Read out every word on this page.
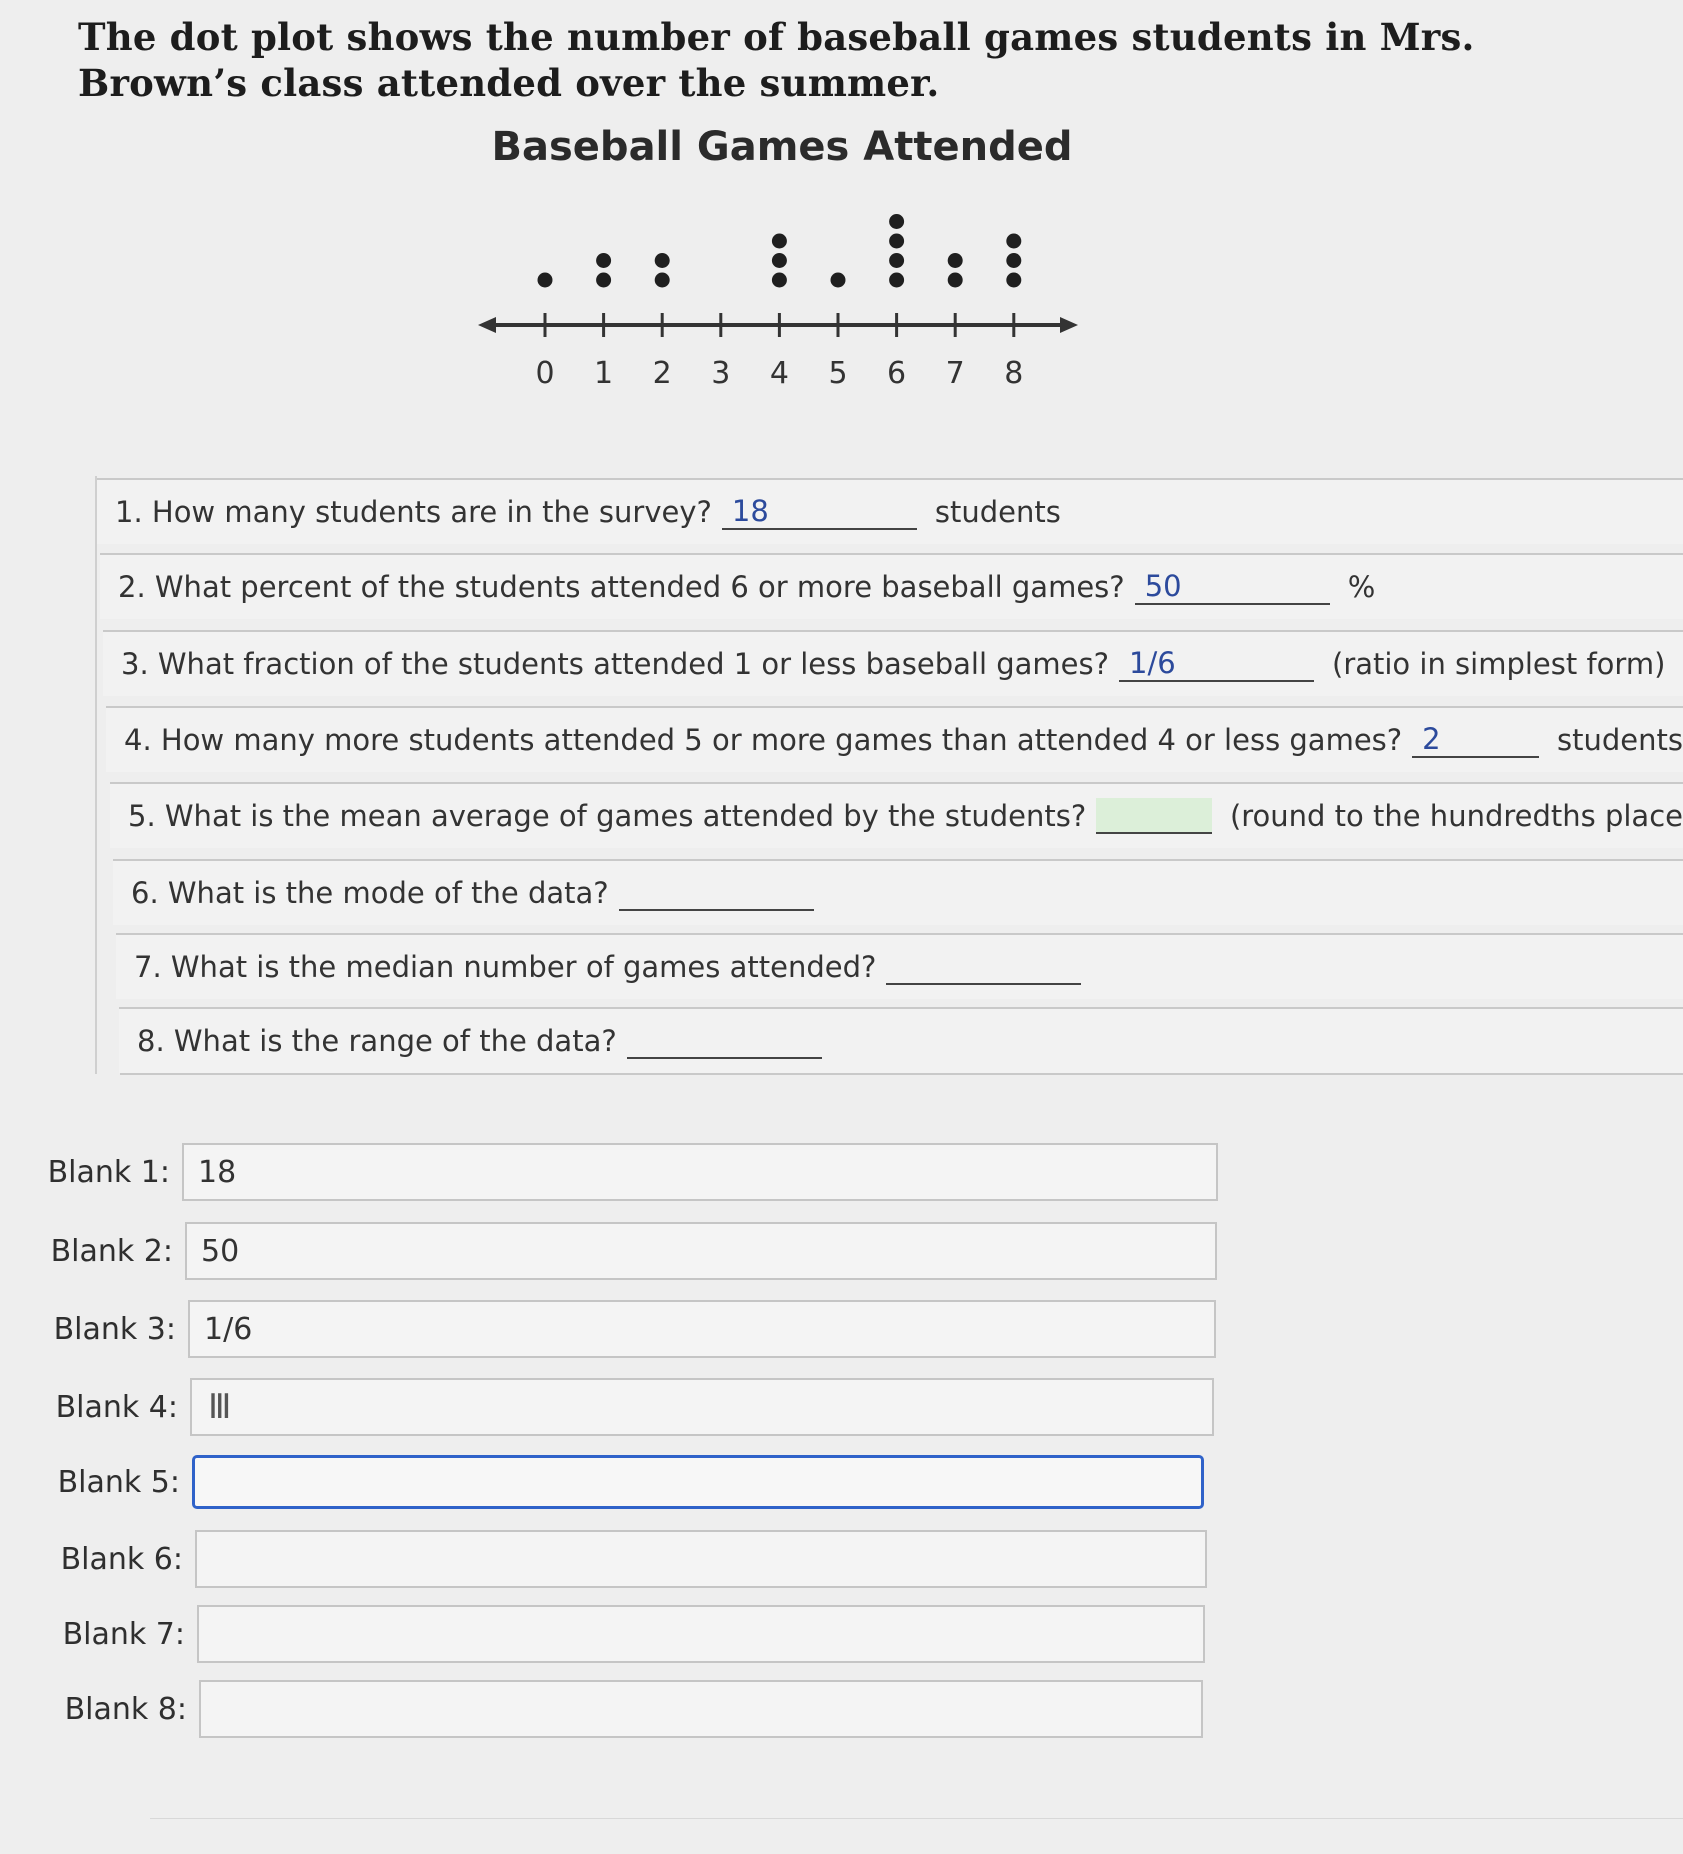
The dot plot shows the number of baseball games students in Mrs. Brown’s class attended over the summer.
Baseball Games Attended
0 1 2 3 4 5 6 7 8
1. How many students are in the survey? 18	students
2. What percent of the students attended 6 or more baseball games? 50	%
3. What fraction of the students attended 1 or less baseball games? 1/6	(ratio in simplest form)
4. How many more students attended 5 or more games than attended 4 or less games? 2	students
5. What is the mean average of games attended by the students?	(round to the hundredths place
6. What is the mode of the data?
7. What is the median number of games attended?
8. What is the range of the data?
Blank 1: 18
Blank 2: 50
Blank 3: 1/6
Blank 4: Ⅲ
Blank 5:
Blank 6:
Blank 7:
Blank 8:
